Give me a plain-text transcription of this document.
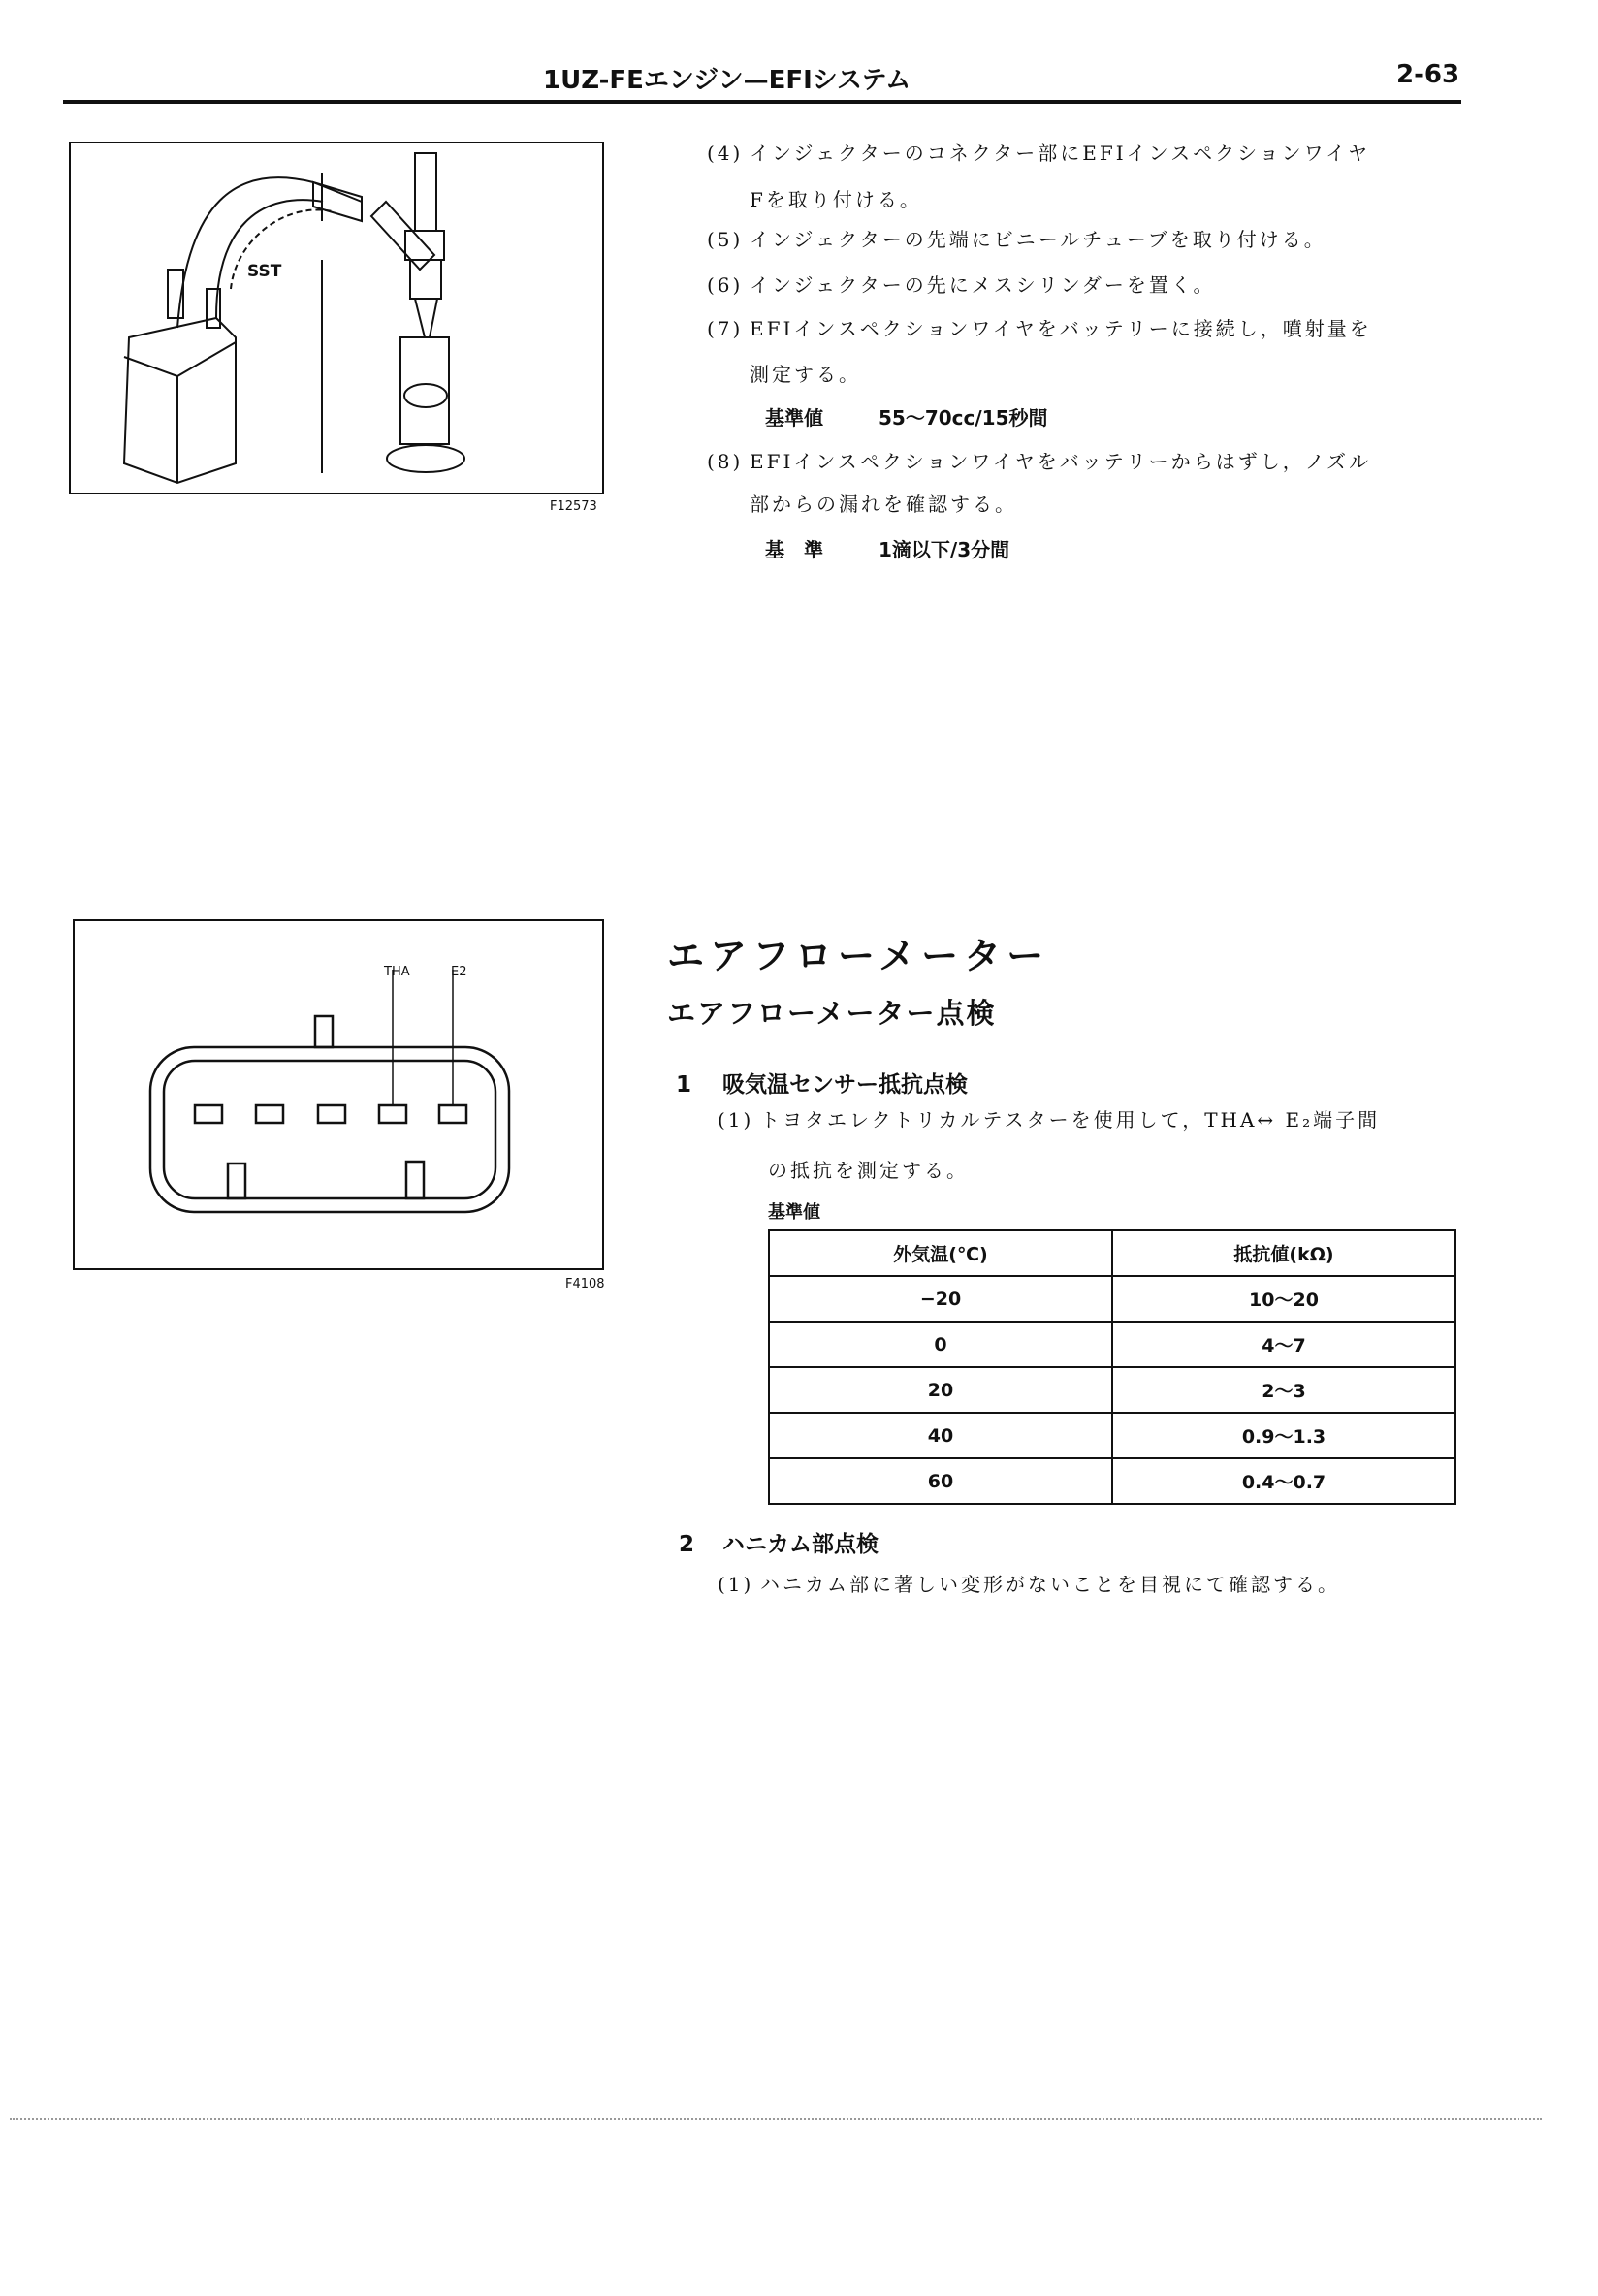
1UZ-FEエンジン—EFIシステム	2-63
SST
F12573
(4) インジェクターのコネクター部にEFIインスペクションワイヤ
Fを取り付ける。
(5) インジェクターの先端にビニールチューブを取り付ける。
(6) インジェクターの先にメスシリンダーを置く。
(7) EFIインスペクションワイヤをバッテリーに接続し，噴射量を
測定する。
基準値	55〜70cc/15秒間
(8) EFIインスペクションワイヤをバッテリーからはずし，ノズル
部からの漏れを確認する。
基　準	1滴以下/3分間
THA	E2
F4108
エアフローメーター
エアフローメーター点検
1 吸気温センサー抵抗点検
(1) トヨタエレクトリカルテスターを使用して，THA↔ E₂端子間
の抵抗を測定する。
基準値
外気温(℃)	抵抗値(kΩ)
−20	10〜20
0	4〜7
20	2〜3
40	0.9〜1.3
60	0.4〜0.7
2 ハニカム部点検
(1) ハニカム部に著しい変形がないことを目視にて確認する。
